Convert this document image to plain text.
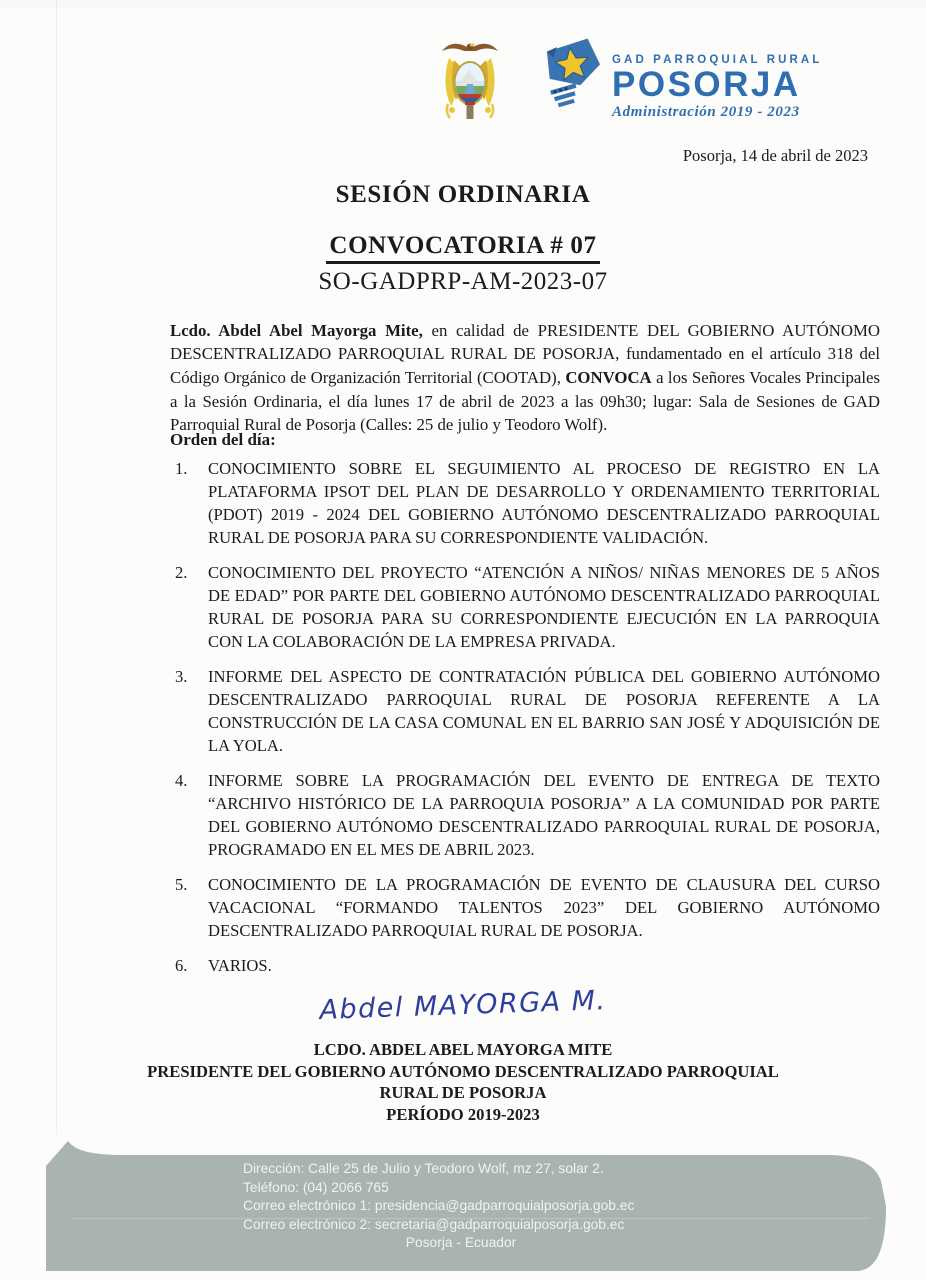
GAD PARROQUIAL RURAL
POSORJA
Administración 2019 - 2023
Posorja, 14 de abril de 2023
SESIÓN ORDINARIA

CONVOCATORIA # 07
SO-GADPRP-AM-2023-07

Lcdo. Abdel Abel Mayorga Mite, en calidad de PRESIDENTE DEL GOBIERNO AUTÓNOMO DESCENTRALIZADO PARROQUIAL RURAL DE POSORJA, fundamentado en el artículo 318 del Código Orgánico de Organización Territorial (COOTAD), CONVOCA a los Señores Vocales Principales a la Sesión Ordinaria, el día lunes 17 de abril de 2023 a las 09h30; lugar: Sala de Sesiones de GAD Parroquial Rural de Posorja (Calles: 25 de julio y Teodoro Wolf).

Orden del día:
1.	CONOCIMIENTO SOBRE EL SEGUIMIENTO AL PROCESO DE REGISTRO EN LA PLATAFORMA IPSOT DEL PLAN DE DESARROLLO Y ORDENAMIENTO TERRITORIAL (PDOT) 2019 - 2024 DEL GOBIERNO AUTÓNOMO DESCENTRALIZADO PARROQUIAL RURAL DE POSORJA PARA SU CORRESPONDIENTE VALIDACIÓN.
2.	CONOCIMIENTO DEL PROYECTO “ATENCIÓN A NIÑOS/ NIÑAS MENORES DE 5 AÑOS DE EDAD” POR PARTE DEL GOBIERNO AUTÓNOMO DESCENTRALIZADO PARROQUIAL RURAL DE POSORJA PARA SU CORRESPONDIENTE EJECUCIÓN EN LA PARROQUIA CON LA COLABORACIÓN DE LA EMPRESA PRIVADA.
3.	INFORME DEL ASPECTO DE CONTRATACIÓN PÚBLICA DEL GOBIERNO AUTÓNOMO DESCENTRALIZADO PARROQUIAL RURAL DE POSORJA REFERENTE A LA CONSTRUCCIÓN DE LA CASA COMUNAL EN EL BARRIO SAN JOSÉ Y ADQUISICIÓN DE LA YOLA.
4.	INFORME SOBRE LA PROGRAMACIÓN DEL EVENTO DE ENTREGA DE TEXTO “ARCHIVO HISTÓRICO DE LA PARROQUIA POSORJA” A LA COMUNIDAD POR PARTE DEL GOBIERNO AUTÓNOMO DESCENTRALIZADO PARROQUIAL RURAL DE POSORJA, PROGRAMADO EN EL MES DE ABRIL 2023.
5.	CONOCIMIENTO DE LA PROGRAMACIÓN DE EVENTO DE CLAUSURA DEL CURSO VACACIONAL “FORMANDO TALENTOS 2023” DEL GOBIERNO AUTÓNOMO DESCENTRALIZADO PARROQUIAL RURAL DE POSORJA.
6.	VARIOS.
Abdel MAYORGA M.
LCDO. ABDEL ABEL MAYORGA MITE
PRESIDENTE DEL GOBIERNO AUTÓNOMO DESCENTRALIZADO PARROQUIAL
RURAL DE POSORJA
PERÍODO 2019-2023
Dirección: Calle 25 de Julio y Teodoro Wolf, mz 27, solar 2.
Teléfono: (04) 2066 765
Correo electrónico 1: presidencia@gadparroquialposorja.gob.ec
Correo electrónico 2: secretaria@gadparroquialposorja.gob.ec
Posorja - Ecuador
